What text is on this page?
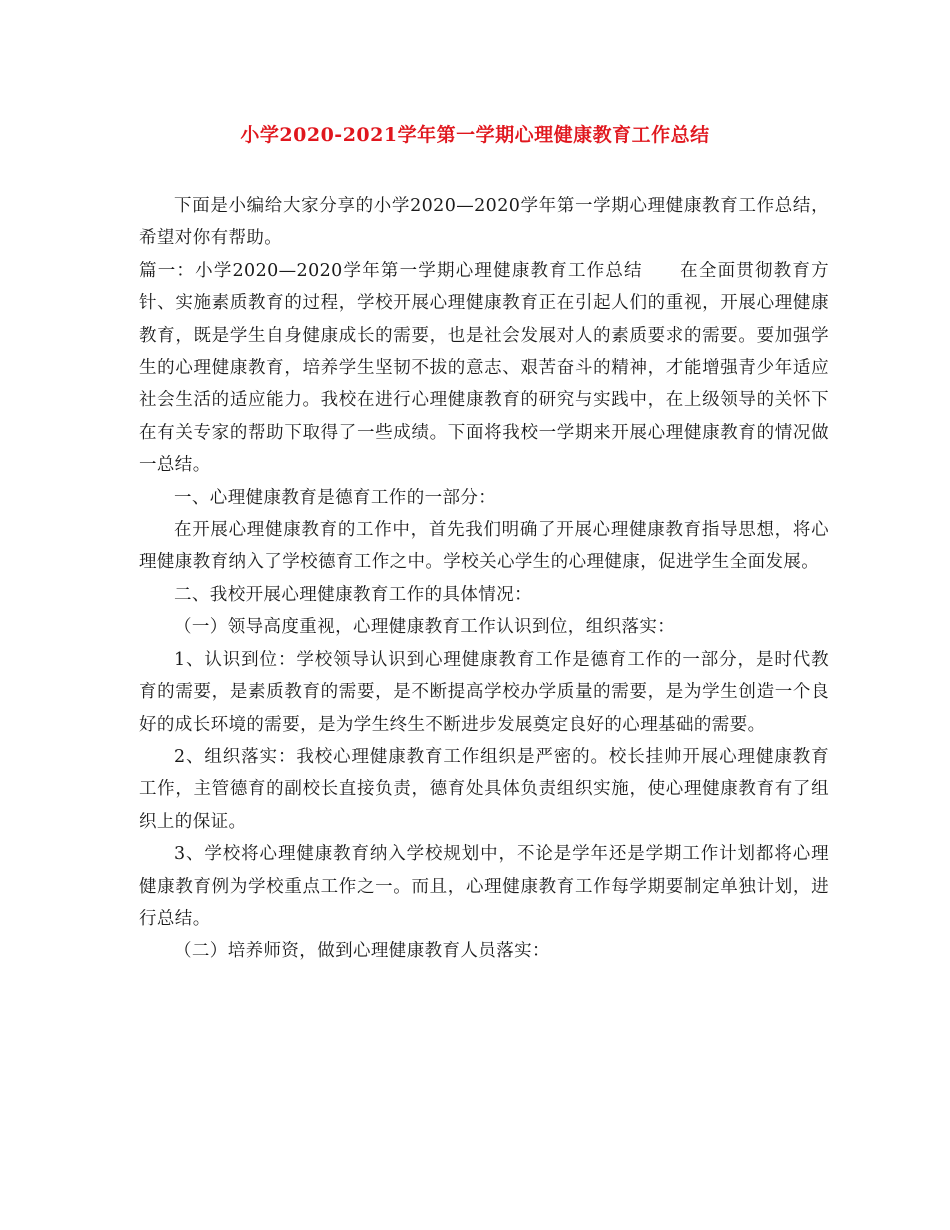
小学2020-2021学年第一学期心理健康教育工作总结

下面是小编给大家分享的小学2020—2020学年第一学期心理健康教育工作总结，希望对你有帮助。

篇一：小学2020—2020学年第一学期心理健康教育工作总结　　在全面贯彻教育方针、实施素质教育的过程，学校开展心理健康教育正在引起人们的重视，开展心理健康教育，既是学生自身健康成长的需要，也是社会发展对人的素质要求的需要。要加强学生的心理健康教育，培养学生坚韧不拔的意志、艰苦奋斗的精神，才能增强青少年适应社会生活的适应能力。我校在进行心理健康教育的研究与实践中，在上级领导的关怀下在有关专家的帮助下取得了一些成绩。下面将我校一学期来开展心理健康教育的情况做一总结。

一、心理健康教育是德育工作的一部分：

在开展心理健康教育的工作中，首先我们明确了开展心理健康教育指导思想，将心理健康教育纳入了学校德育工作之中。学校关心学生的心理健康，促进学生全面发展。

二、我校开展心理健康教育工作的具体情况：

（一）领导高度重视，心理健康教育工作认识到位，组织落实：

1、认识到位：学校领导认识到心理健康教育工作是德育工作的一部分，是时代教育的需要，是素质教育的需要，是不断提高学校办学质量的需要，是为学生创造一个良好的成长环境的需要，是为学生终生不断进步发展奠定良好的心理基础的需要。

2、组织落实：我校心理健康教育工作组织是严密的。校长挂帅开展心理健康教育工作，主管德育的副校长直接负责，德育处具体负责组织实施，使心理健康教育有了组织上的保证。

3、学校将心理健康教育纳入学校规划中，不论是学年还是学期工作计划都将心理健康教育例为学校重点工作之一。而且，心理健康教育工作每学期要制定单独计划，进行总结。

（二）培养师资，做到心理健康教育人员落实：
